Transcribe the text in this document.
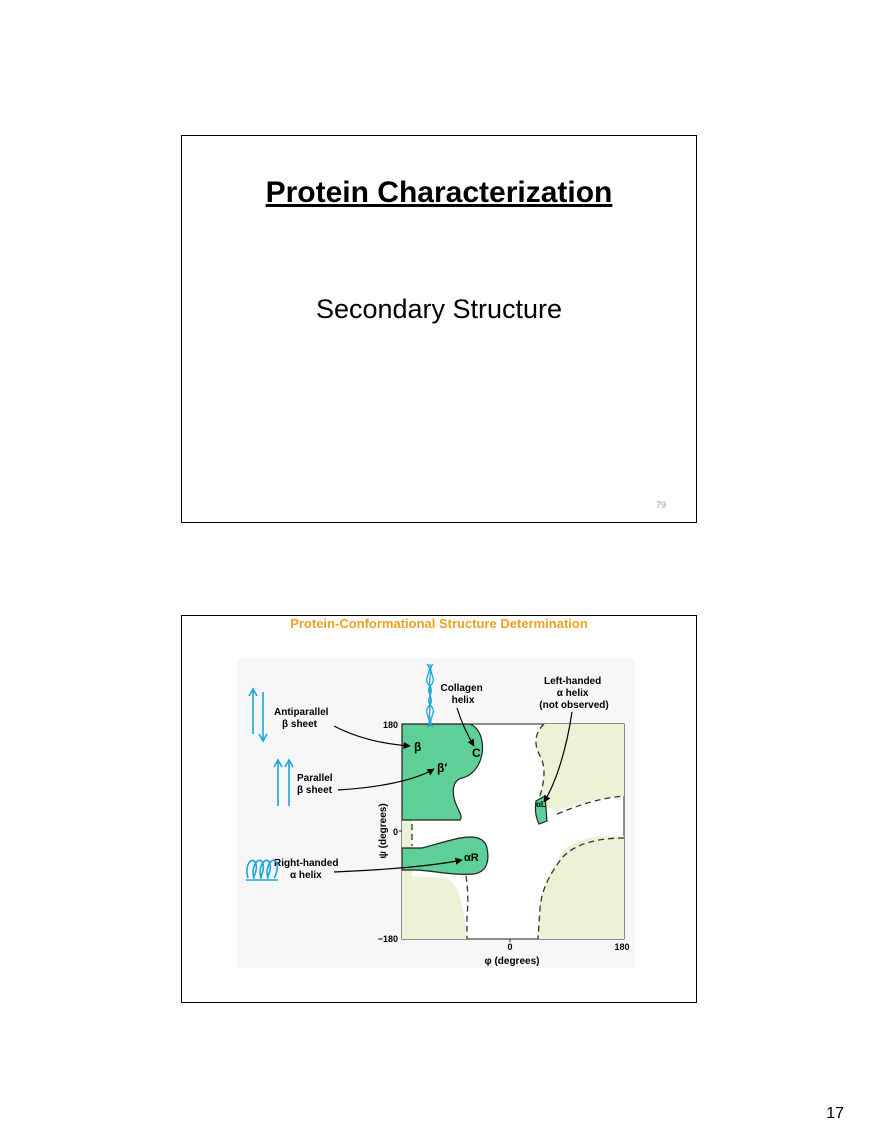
Protein Characterization
Secondary Structure
79
Protein-Conformational Structure Determination
β	C
β′
αL
αR
180
0
−180
0	180
φ (degrees)
ψ (degrees)
Antiparallel β sheet
Parallel β sheet
Right-handed α helix
Collagen helix
Left-handed α helix (not observed)
17
